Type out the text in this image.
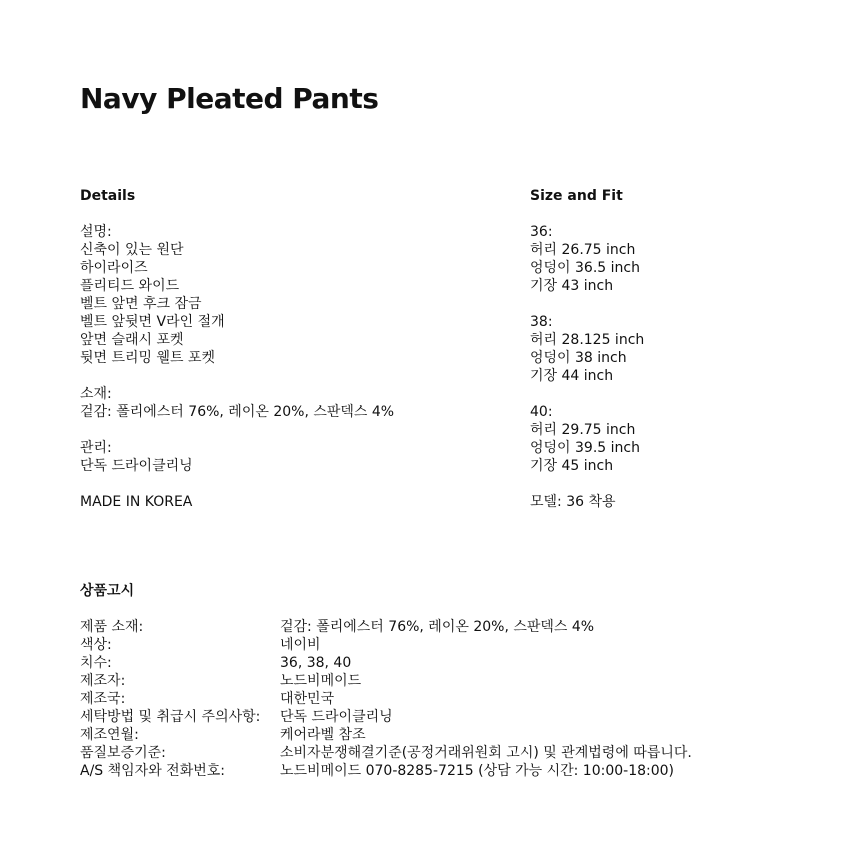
Navy Pleated Pants
Details
설명:
신축이 있는 원단
하이라이즈
플리티드 와이드
벨트 앞면 후크 잠금
벨트 앞뒷면 V라인 절개
앞면 슬래시 포켓
뒷면 트리밍 웰트 포켓
소재:
겉감: 폴리에스터 76%, 레이온 20%, 스판덱스 4%
관리:
단독 드라이클리닝
MADE IN KOREA
Size and Fit
36:
허리 26.75 inch
엉덩이 36.5 inch
기장 43 inch
38:
허리 28.125 inch
엉덩이 38 inch
기장 44 inch
40:
허리 29.75 inch
엉덩이 39.5 inch
기장 45 inch
모델: 36 착용
상품고시
제품 소재:	겉감: 폴리에스터 76%, 레이온 20%, 스판덱스 4%
색상:	네이비
치수:	36, 38, 40
제조자:	노드비메이드
제조국:	대한민국
세탁방법 및 취급시 주의사항:	단독 드라이클리닝
제조연월:	케어라벨 참조
품질보증기준:	소비자분쟁해결기준(공정거래위원회 고시) 및 관계법령에 따릅니다.
A/S 책임자와 전화번호:	노드비메이드 070-8285-7215 (상담 가능 시간: 10:00-18:00)
